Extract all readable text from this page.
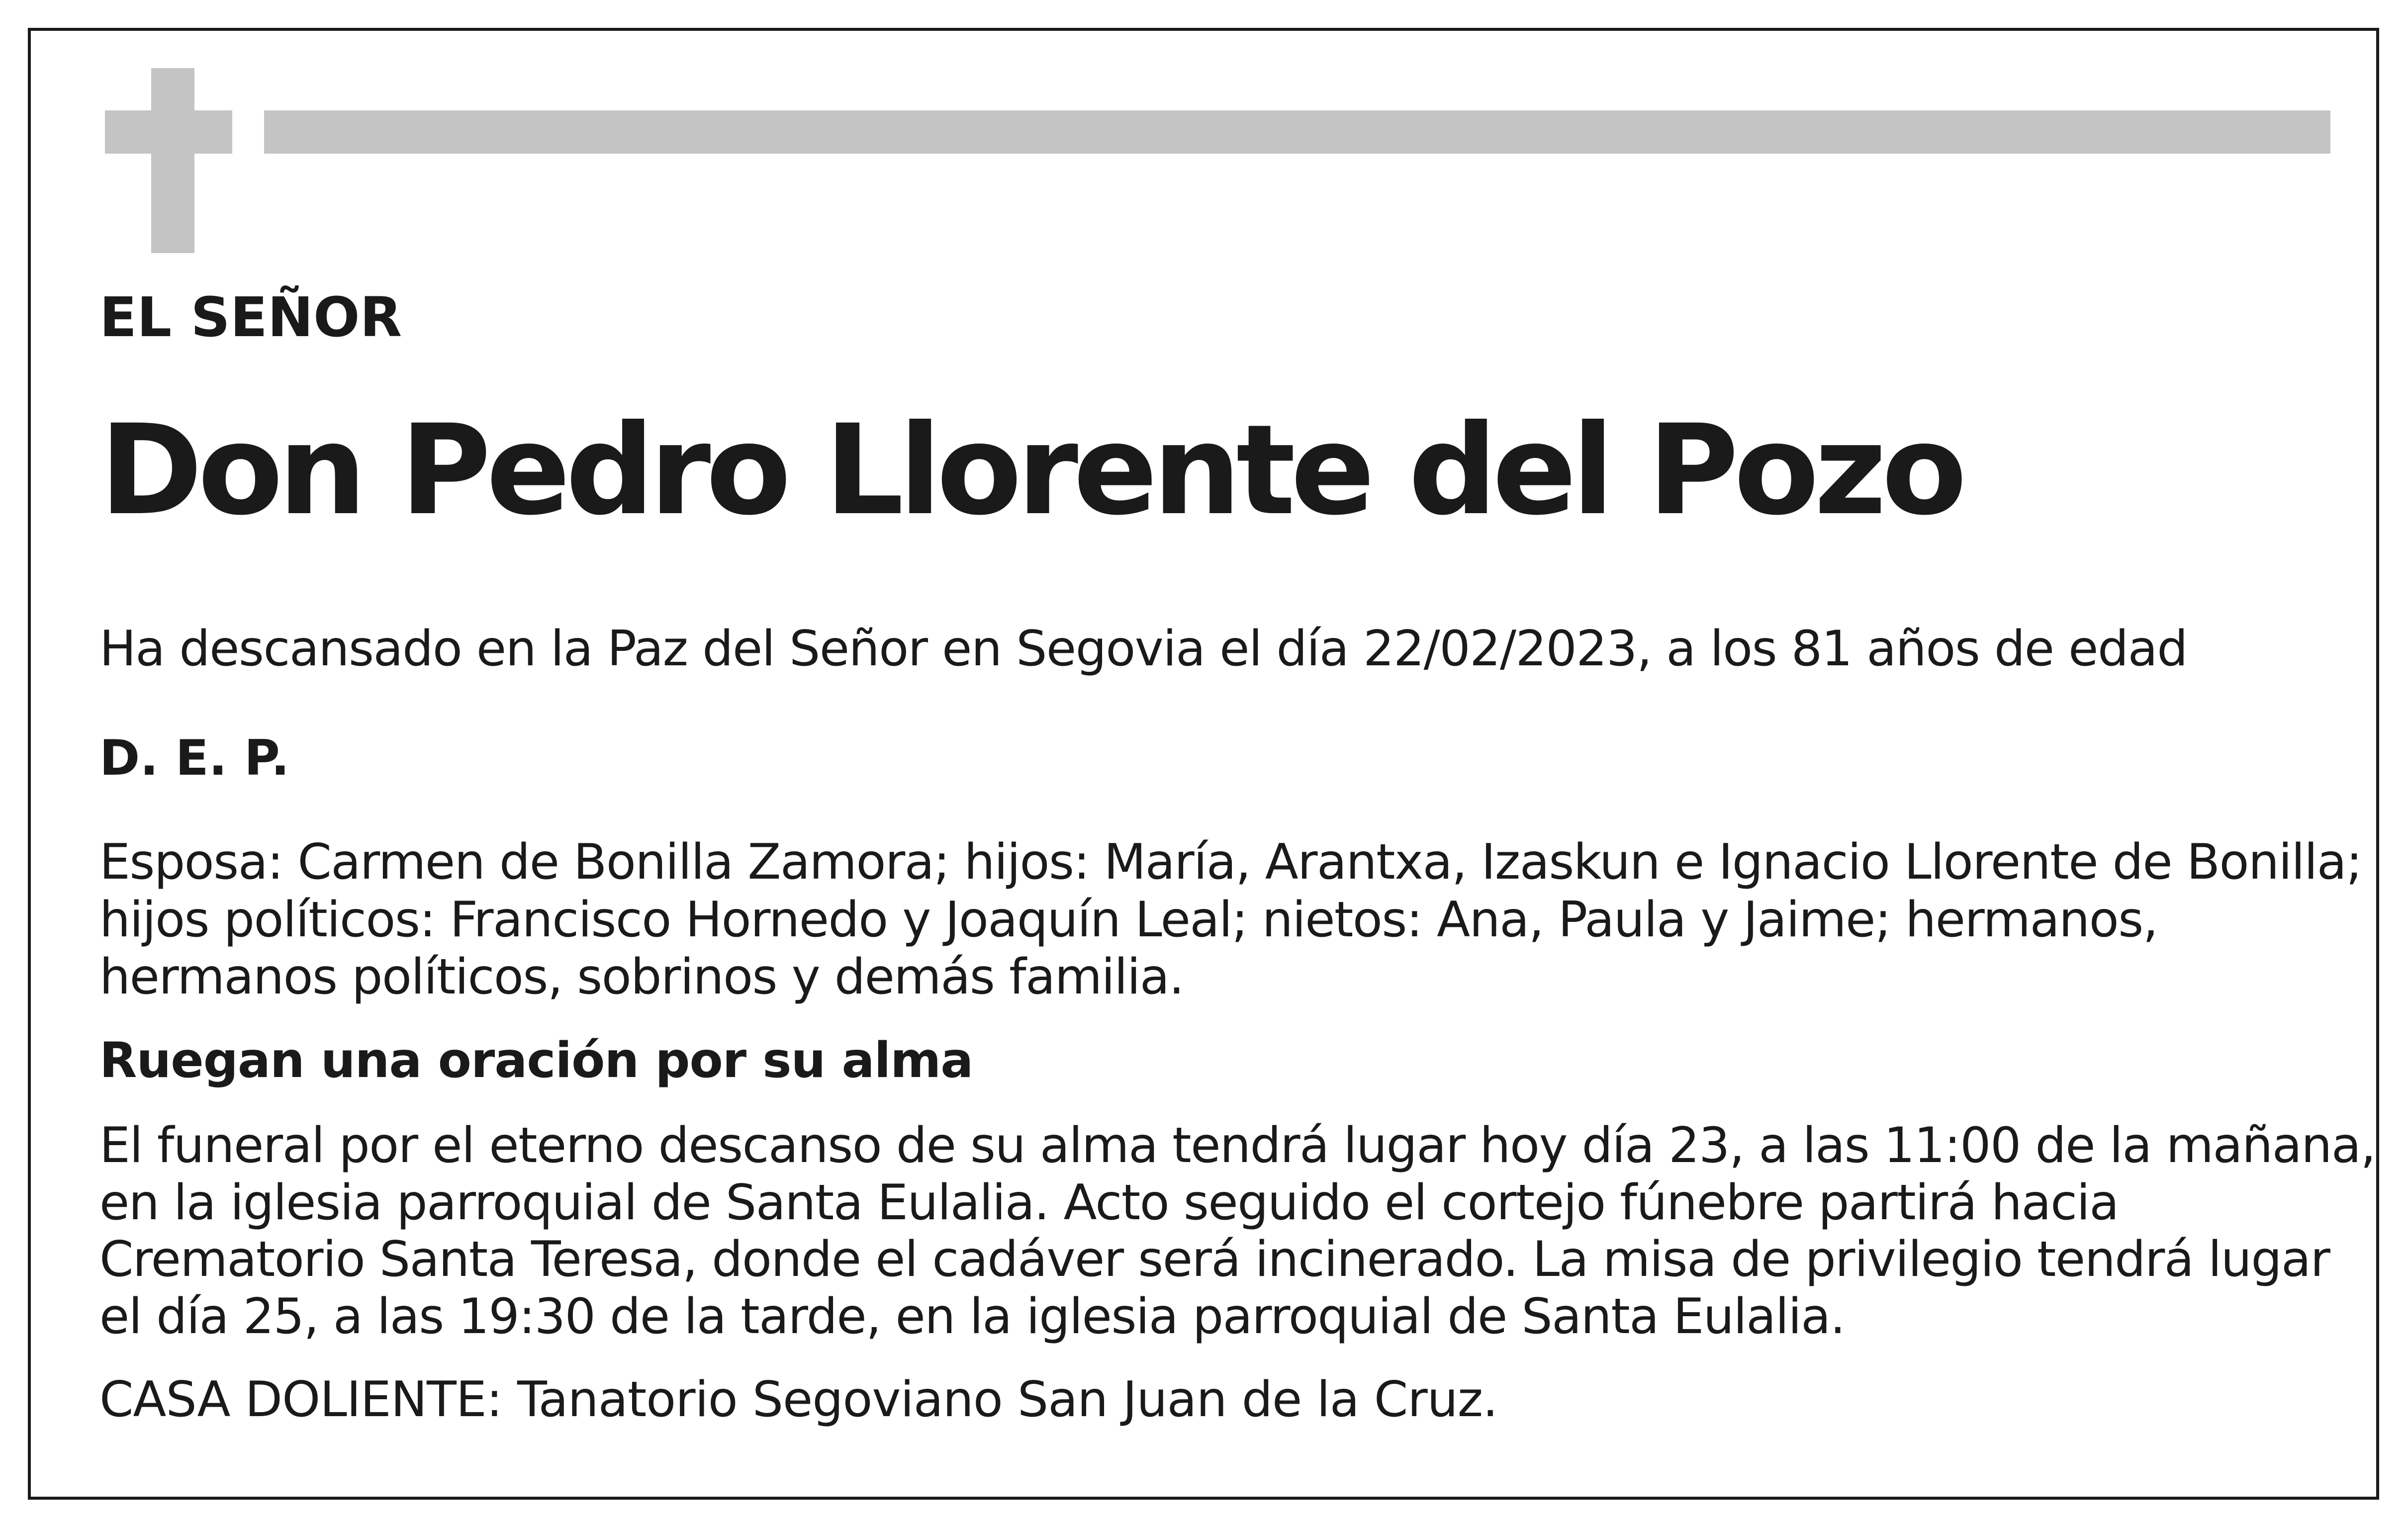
EL SEÑOR

Don Pedro Llorente del Pozo

Ha descansado en la Paz del Señor en Segovia el día 22/02/2023, a los 81 años de edad

D. E. P.

Esposa: Carmen de Bonilla Zamora; hijos: María, Arantxa, Izaskun e Ignacio Llorente de Bonilla;
hijos políticos: Francisco Hornedo y Joaquín Leal; nietos: Ana, Paula y Jaime; hermanos,
hermanos políticos, sobrinos y demás familia.

Ruegan una oración por su alma

El funeral por el eterno descanso de su alma tendrá lugar hoy día 23, a las 11:00 de la mañana,
en la iglesia parroquial de Santa Eulalia. Acto seguido el cortejo fúnebre partirá hacia
Crematorio Santa Teresa, donde el cadáver será incinerado. La misa de privilegio tendrá lugar
el día 25, a las 19:30 de la tarde, en la iglesia parroquial de Santa Eulalia.

CASA DOLIENTE: Tanatorio Segoviano San Juan de la Cruz.
